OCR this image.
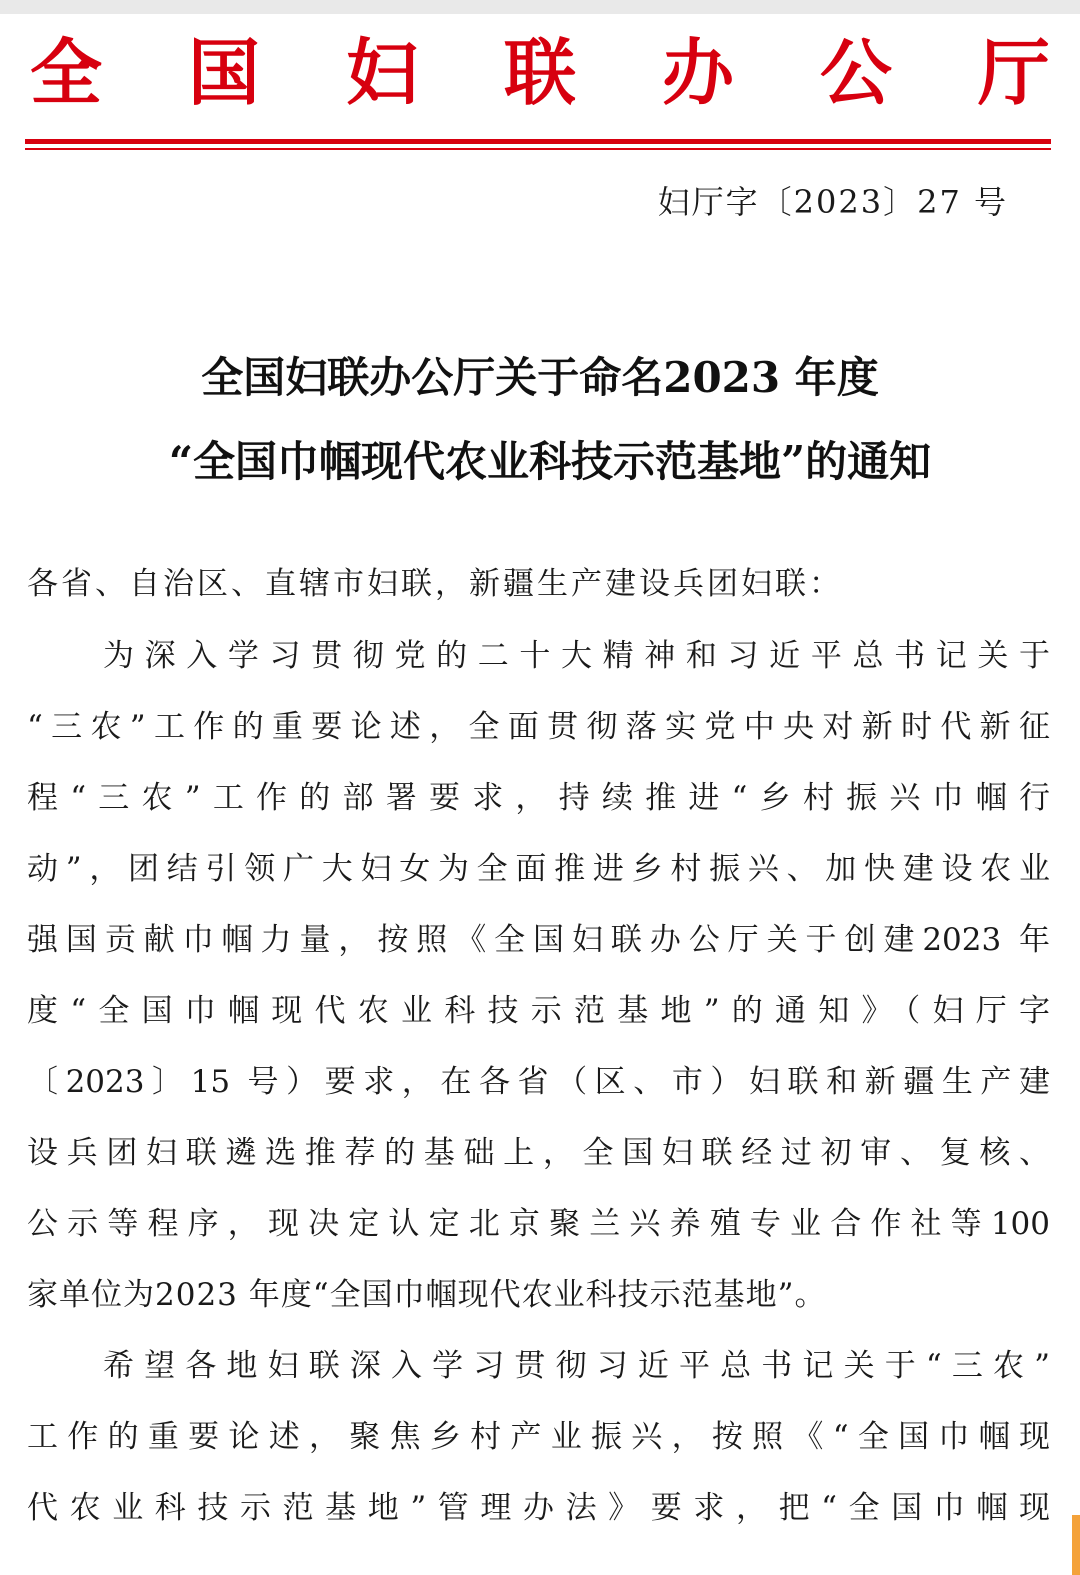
全 国 妇 联 办 公 厅
妇厅字〔2023〕27 号
全国妇联办公厅关于命名2023 年度
“全国巾帼现代农业科技示范基地”的通知
各省、自治区、直辖市妇联，新疆生产建设兵团妇联：
为深入学习贯彻党的二十大精神和习近平总书记关于
“三农”工作的重要论述，全面贯彻落实党中央对新时代新征
程“三农”工作的部署要求，持续推进“乡村振兴巾帼行
动”，团结引领广大妇女为全面推进乡村振兴、加快建设农业
强国贡献巾帼力量，按照《全国妇联办公厅关于创建2023 年
度“全国巾帼现代农业科技示范基地”的通知》（妇厅字
〔2023〕15 号）要求，在各省（区、市）妇联和新疆生产建
设兵团妇联遴选推荐的基础上，全国妇联经过初审、复核、
公示等程序，现决定认定北京聚兰兴养殖专业合作社等100
家单位为2023 年度“全国巾帼现代农业科技示范基地”。
希望各地妇联深入学习贯彻习近平总书记关于“三农”
工作的重要论述，聚焦乡村产业振兴，按照《“全国巾帼现
代农业科技示范基地”管理办法》要求，把“全国巾帼现
